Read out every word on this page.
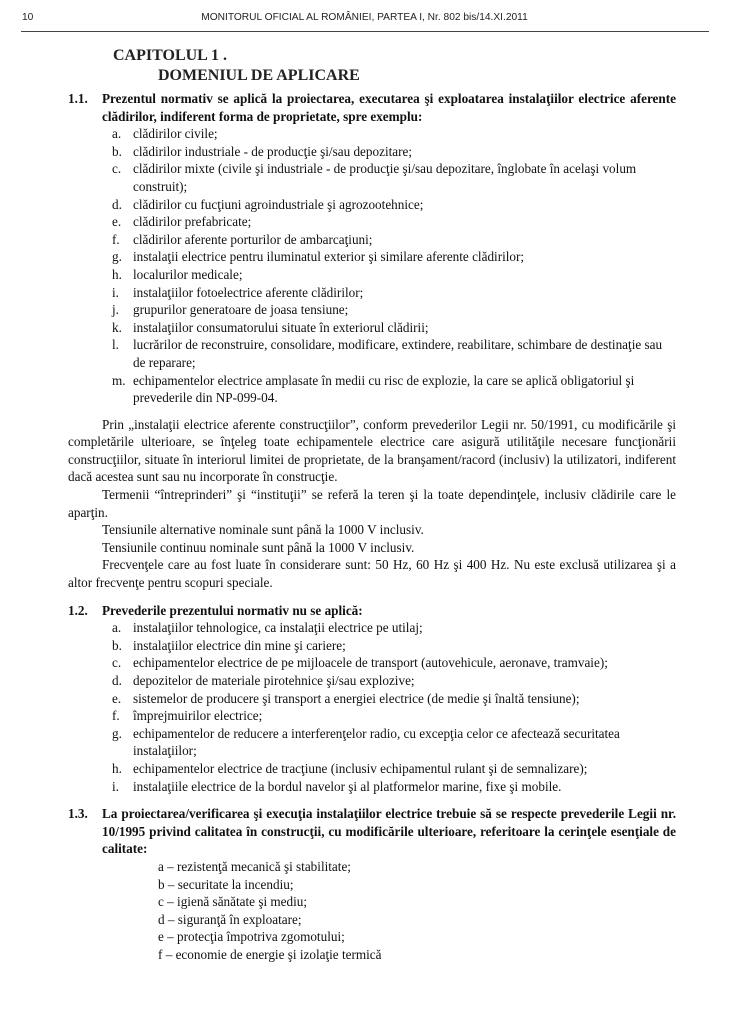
10	MONITORUL OFICIAL AL ROMÂNIEI, PARTEA I, Nr. 802 bis/14.XI.2011
CAPITOLUL 1 .
DOMENIUL DE APLICARE
1.1. Prezentul normativ se aplică la proiectarea, executarea şi exploatarea instalaţiilor electrice aferente clădirilor, indiferent forma de proprietate, spre exemplu:
a. clădirilor civile;
b. clădirilor industriale - de producţie şi/sau depozitare;
c. clădirilor mixte (civile şi industriale - de producţie şi/sau depozitare, înglobate în acelaşi volum construit);
d. clădirilor cu fucţiuni agroindustriale şi agrozootehnice;
e. clădirilor prefabricate;
f. clădirilor aferente porturilor de ambarcaţiuni;
g. instalaţii electrice pentru iluminatul exterior şi similare aferente clădirilor;
h. localurilor medicale;
i. instalaţiilor fotoelectrice aferente clădirilor;
j. grupurilor generatoare de joasa tensiune;
k. instalaţiilor consumatorului situate în exteriorul clădirii;
l. lucrărilor de reconstruire, consolidare, modificare, extindere, reabilitare, schimbare de destinaţie sau de reparare;
m. echipamentelor electrice amplasate în medii cu risc de explozie, la care se aplică obligatoriul şi prevederile din NP-099-04.

Prin „instalaţii electrice aferente construcţiilor”, conform prevederilor Legii nr. 50/1991, cu modificările şi completările ulterioare, se înţeleg toate echipamentele electrice care asigură utilităţile necesare funcţionării construcţiilor, situate în interiorul limitei de proprietate, de la branşament/racord (inclusiv) la utilizatori, indiferent dacă acestea sunt sau nu incorporate în construcţie.

Termenii “întreprinderi” şi “instituţii” se referă la teren şi la toate dependinţele, inclusiv clădirile care le aparţin.

Tensiunile alternative nominale sunt până la 1000 V inclusiv.

Tensiunile continuu nominale sunt până la 1000 V inclusiv.

Frecvenţele care au fost luate în considerare sunt: 50 Hz, 60 Hz şi 400 Hz. Nu este exclusă utilizarea şi a altor frecvenţe pentru scopuri speciale.

1.2. Prevederile prezentului normativ nu se aplică:
a. instalaţiilor tehnologice, ca instalaţii electrice pe utilaj;
b. instalaţiilor electrice din mine şi cariere;
c. echipamentelor electrice de pe mijloacele de transport (autovehicule, aeronave, tramvaie);
d. depozitelor de materiale pirotehnice şi/sau explozive;
e. sistemelor de producere şi transport a energiei electrice (de medie şi înaltă tensiune);
f. împrejmuirilor electrice;
g. echipamentelor de reducere a interferenţelor radio, cu excepţia celor ce afectează securitatea instalaţiilor;
h. echipamentelor electrice de tracţiune (inclusiv echipamentul rulant şi de semnalizare);
i. instalaţiile electrice de la bordul navelor şi al platformelor marine, fixe şi mobile.
1.3. La proiectarea/verificarea şi execuţia instalaţiilor electrice trebuie să se respecte prevederile Legii nr. 10/1995 privind calitatea în construcţii, cu modificările ulterioare, referitoare la cerinţele esenţiale de calitate:
a – rezistenţă mecanică şi stabilitate;
b – securitate la incendiu;
c – igienă sănătate şi mediu;
d – siguranţă în exploatare;
e – protecţia împotriva zgomotului;
f – economie de energie şi izolaţie termică
